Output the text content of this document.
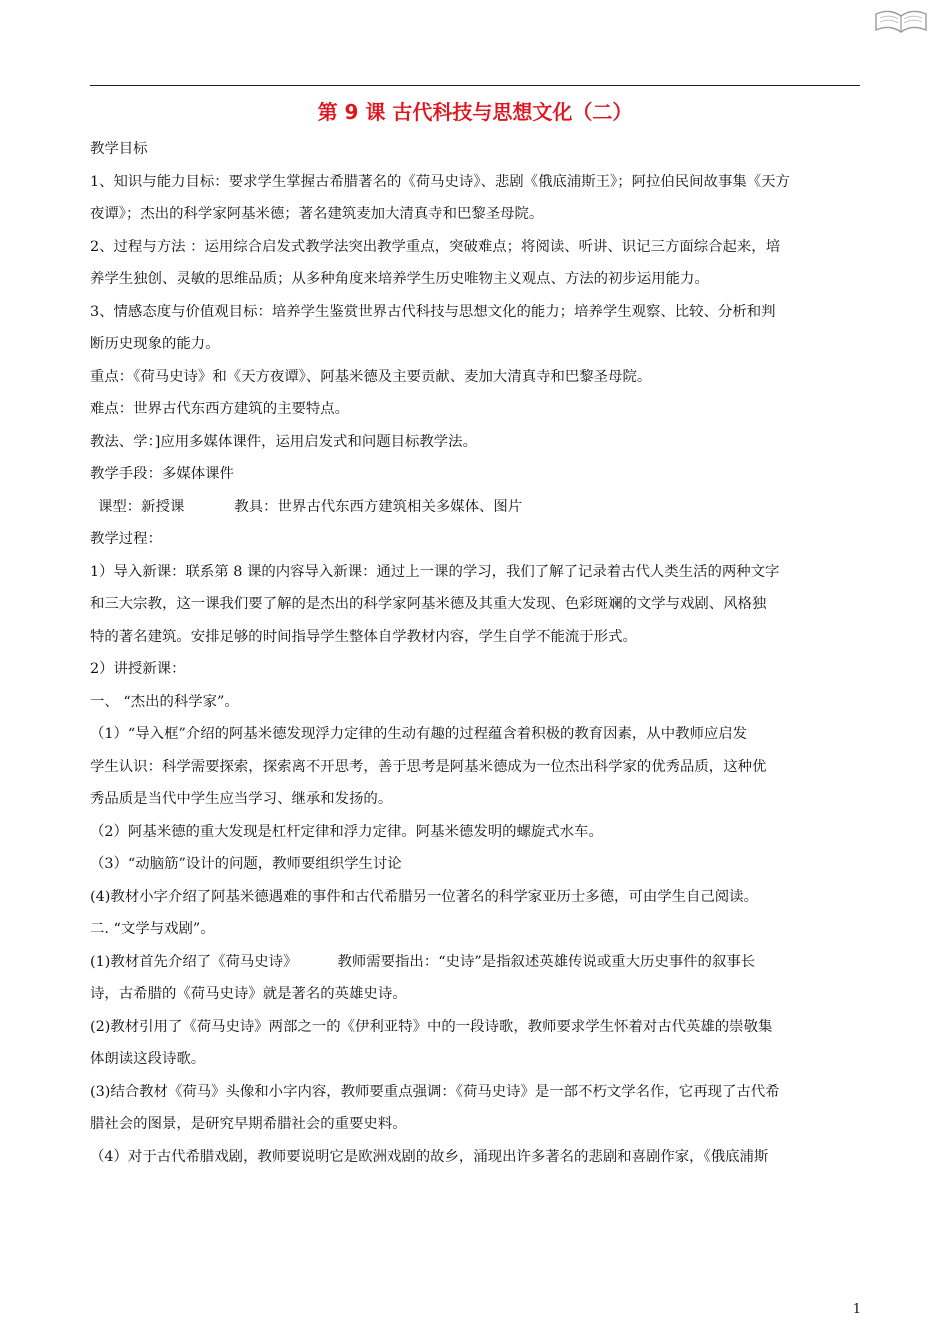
第 9 课 古代科技与思想文化（二）

教学目标

1、知识与能力目标：要求学生掌握古希腊著名的《荷马史诗》、悲剧《俄底浦斯王》；阿拉伯民间故事集《天方

夜谭》；杰出的科学家阿基米德；著名建筑麦加大清真寺和巴黎圣母院。

2、过程与方法 ：运用综合启发式教学法突出教学重点，突破难点；将阅读、听讲、识记三方面综合起来，培

养学生独创、灵敏的思维品质；从多种角度来培养学生历史唯物主义观点、方法的初步运用能力。

3、情感态度与价值观目标：培养学生鉴赏世界古代科技与思想文化的能力；培养学生观察、比较、分析和判

断历史现象的能力。

重点：《荷马史诗》和《天方夜谭》、阿基米德及主要贡献、麦加大清真寺和巴黎圣母院。

难点：世界古代东西方建筑的主要特点。

教法、学：]应用多媒体课件，运用启发式和问题目标教学法。

教学手段：多媒体课件

课型：新授课	教具：世界古代东西方建筑相关多媒体、图片

教学过程：

1）导入新课：联系第 8 课的内容导入新课：通过上一课的学习，我们了解了记录着古代人类生活的两种文字

和三大宗教，这一课我们要了解的是杰出的科学家阿基米德及其重大发现、色彩斑斓的文学与戏剧、风格独

特的著名建筑。安排足够的时间指导学生整体自学教材内容，学生自学不能流于形式。

2）讲授新课：

一、 “杰出的科学家”。

（1）“导入框”介绍的阿基米德发现浮力定律的生动有趣的过程蕴含着积极的教育因素，从中教师应启发

学生认识：科学需要探索，探索离不开思考，善于思考是阿基米德成为一位杰出科学家的优秀品质，这种优

秀品质是当代中学生应当学习、继承和发扬的。

（2）阿基米德的重大发现是杠杆定律和浮力定律。阿基米德发明的螺旋式水车。

（3）“动脑筋”设计的问题，教师要组织学生讨论

(4)教材小字介绍了阿基米德遇难的事件和古代希腊另一位著名的科学家亚历士多德，可由学生自己阅读。

二. “文学与戏剧”。

(1)教材首先介绍了《荷马史诗》	教师需要指出：“史诗”是指叙述英雄传说或重大历史事件的叙事长

诗，古希腊的《荷马史诗》就是著名的英雄史诗。

(2)教材引用了《荷马史诗》两部之一的《伊利亚特》中的一段诗歌，教师要求学生怀着对古代英雄的崇敬集

体朗读这段诗歌。

(3)结合教材《荷马》头像和小字内容，教师要重点强调：《荷马史诗》是一部不朽文学名作，它再现了古代希

腊社会的图景，是研究早期希腊社会的重要史料。

（4）对于古代希腊戏剧，教师要说明它是欧洲戏剧的故乡，涌现出许多著名的悲剧和喜剧作家，《俄底浦斯

1
